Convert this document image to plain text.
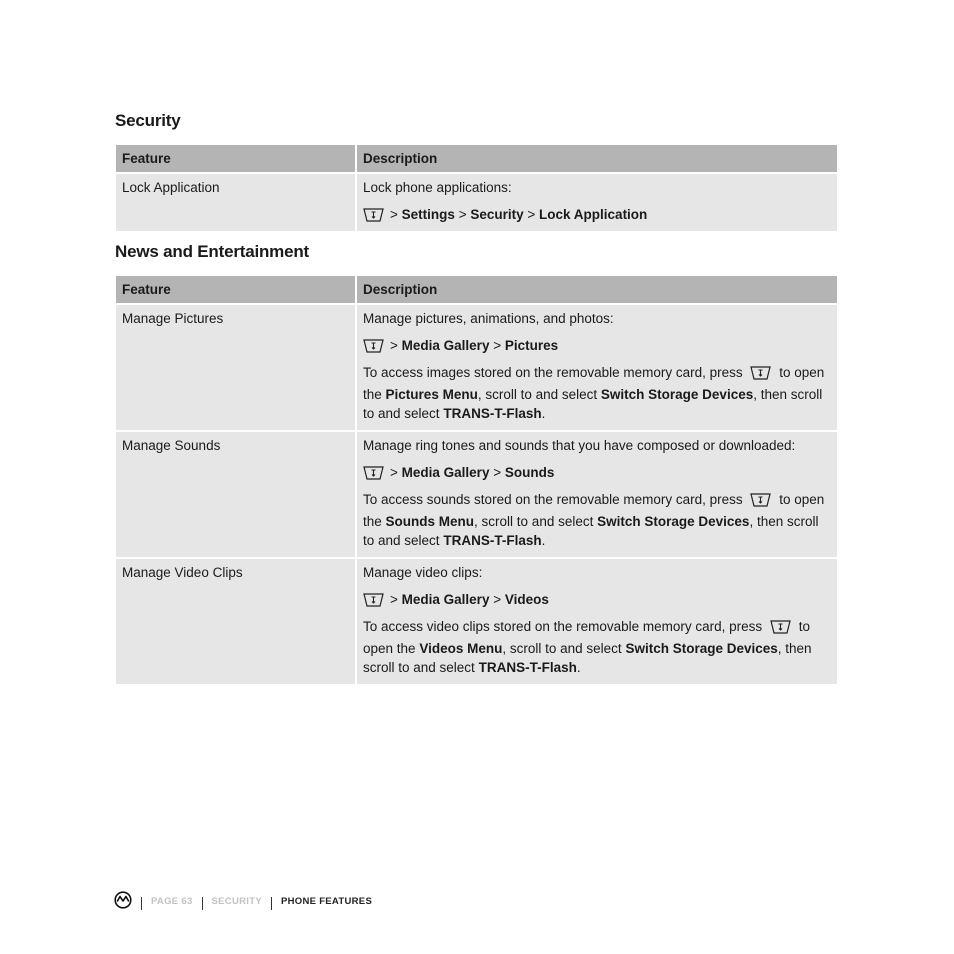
Security
Feature	Description
Lock Application	Lock phone applications:
> Settings > Security > Lock Application
News and Entertainment
Feature	Description
Manage Pictures	Manage pictures, animations, and photos:
> Media Gallery > Pictures
To access images stored on the removable memory card, press to open the Pictures Menu, scroll to and select Switch Storage Devices, then scroll to and select TRANS-T-Flash.

Manage Sounds	Manage ring tones and sounds that you have composed or downloaded:
> Media Gallery > Sounds
To access sounds stored on the removable memory card, press to open the Sounds Menu, scroll to and select Switch Storage Devices, then scroll to and select TRANS-T-Flash.

Manage Video Clips	Manage video clips:
> Media Gallery > Videos
To access video clips stored on the removable memory card, press to open the Videos Menu, scroll to and select Switch Storage Devices, then scroll to and select TRANS-T-Flash.
PAGE 63 SECURITY PHONE FEATURES
